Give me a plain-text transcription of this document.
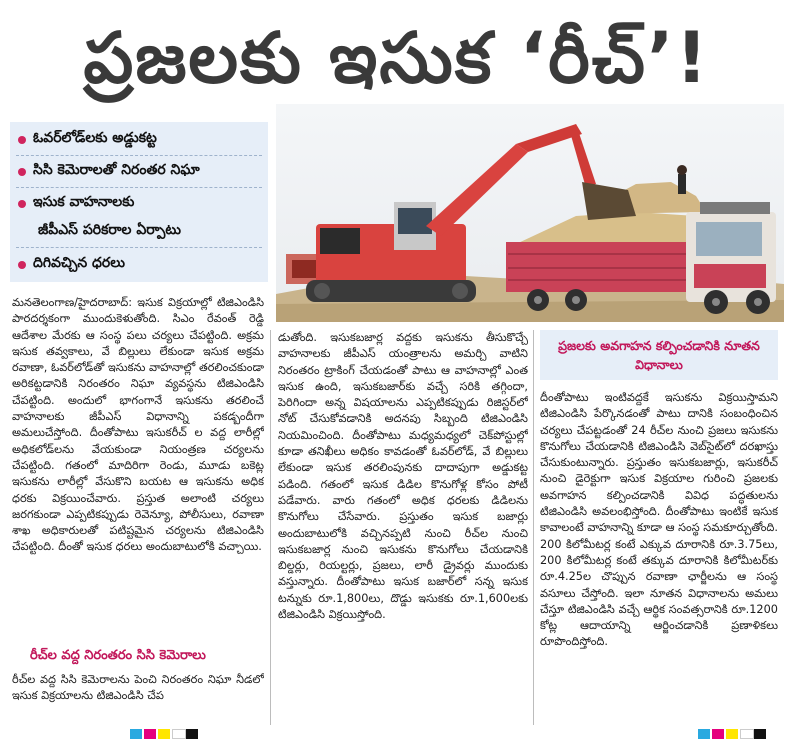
ప్రజలకు ఇసుక ‘రీచ్’!
ఓవర్‌లోడ్‌లకు అడ్డుకట్ట
సిసి కెమెరాలతో నిరంతర నిఘా
ఇసుక వాహనాలకు
జీపీఎస్ పరికరాల ఏర్పాటు
దిగివచ్చిన ధరలు
మనతెలంగాణ/హైదరాబాద్: ఇసుక విక్రయాల్లో టిజిఎండిసి పారదర్శకంగా ముందుకెళుతోంది. సిఎం రేవంత్ రెడ్డి ఆదేశాల మేరకు ఆ సంస్థ పలు చర్యలు చేపట్టింది. అక్రమ ఇసుక తవ్వకాలు, వే బిల్లులు లేకుండా ఇసుక అక్రమ రవాణా, ఓవర్‌లోడ్‌తో ఇసుకను వాహనాల్లో తరలించకుండా అరికట్టడానికి నిరంతరం నిఘా వ్యవస్థను టిజిఎండిసి చేపట్టింది. అందులో భాగంగానే ఇసుకను తరలించే వాహనాలకు జీపీఎస్ విధానాన్ని పకడ్బందీగా అమలుచేస్తోంది. దీంతోపాటు ఇసుకరీచ్ ల వద్ద లారీల్లో అధికలోడ్‌లను వేయకుండా నియంత్రణ చర్యలను చేపట్టింది. గతంలో మాదిరిగా రెండు, మూడు బకెట్ల ఇసుకను లారీల్లో వేసుకొని బయట ఆ ఇసుకను అధిక ధరకు విక్రయించేవారు. ప్రస్తుత అలాంటి చర్యలు జరగకుండా ఎప్పటికప్పుడు రెవెన్యూ, పోలీసులు, రవాణా శాఖ అధికారులతో పటిష్టమైన చర్యలను టిజిఎండిసి చేపట్టింది. దీంతో ఇసుక ధరలు అందుబాటులోకి వచ్చాయి.
రీచ్‌ల వద్ద నిరంతరం సిసి కెమెరాలు
రీచ్‌ల వద్ద సిసి కెమెరాలను పెంచి నిరంతరం నిఘా నీడలో ఇసుక విక్రయాలను టిజిఎండిసి చేప
డుతోంది. ఇసుకబజార్ల వద్దకు ఇసుకను తీసుకొచ్చే వాహనాలకు జీపీఎస్ యంత్రాలను అమర్చి వాటిని నిరంతరం ట్రాకింగ్ చేయడంతో పాటు ఆ వాహనాల్లో ఎంత ఇసుక ఉంది, ఇసుకబజార్‌కు వచ్చే సరికి తగ్గిందా, పెరిగిందా అన్న విషయాలను ఎప్పటికప్పుడు రిజిస్టర్‌లో నోట్ చేసుకోవడానికి అదనపు సిబ్బంది టిజిఎండిసి నియమించింది. దీంతోపాటు మధ్యమధ్యలో చెక్‌పోస్టుల్లో కూడా తనిఖీలు అధికం కావడంతో ఓవర్‌లోడ్, వే బిల్లులు లేకుండా ఇసుక తరలింపునకు దాదాపుగా అడ్డుకట్ట పడింది. గతంలో ఇసుక డిడిల కొనుగోళ్ల కోసం పోటీ పడేవారు. వారు గతంలో అధిక ధరలకు డిడిలను కొనుగోలు చేసేవారు. ప్రస్తుతం ఇసుక బజార్లు అందుబాటులోకి వచ్చినప్పటి నుంచి రీచ్‌ల నుంచి ఇసుకబజార్ల నుంచి ఇసుకను కొనుగోలు చేయడానికి బిల్డర్లు, రియల్టర్లు, ప్రజలు, లారీ డ్రైవర్లు ముందుకు వస్తున్నారు. దీంతోపాటు ఇసుక బజార్‌లో సన్న ఇసుక టన్నుకు రూ.1,800లు, దొడ్డు ఇసుకకు రూ.1,600లకు టిజిఎండిసి విక్రయిస్తోంది.
ప్రజలకు అవగాహన కల్పించడానికి నూతన విధానాలు
దీంతోపాటు ఇంటివద్దకే ఇసుకను విక్రయిస్తామని టిజిఎండిసి పేర్కొనడంతో పాటు దానికి సంబంధించిన చర్యలు చేపట్టడంతో 24 రీచ్‌ల నుంచి ప్రజలు ఇసుకను కొనుగోలు చేయడానికి టిజిఎండిసి వెబ్‌సైట్‌లో దరఖాస్తు చేసుకుంటున్నారు. ప్రస్తుతం ఇసుకబజార్లు, ఇసుకరీచ్ నుంచి డైరెక్టుగా ఇసుక విక్రయాల గురించి ప్రజలకు అవగాహన కల్పించడానికి వివిధ పద్ధతులను టిజిఎండిసి అవలంభిస్తోంది. దీంతోపాటు ఇంటికే ఇసుక కావాలంటే వాహనాన్ని కూడా ఆ సంస్థ సమకూర్చుతోంది. 200 కిలోమీటర్ల కంటే ఎక్కువ దూరానికి రూ.3.75లు, 200 కిలోమీటర్ల కంటే తక్కువ దూరానికి కిలోమీటర్‌కు రూ.4.25ల చొప్పున రవాణా ఛార్జీలను ఆ సంస్థ వసూలు చేస్తోంది. ఇలా నూతన విధానాలను అమలు చేస్తూ టిజిఎండిసి వచ్చే ఆర్థిక సంవత్సరానికి రూ.1200 కోట్ల ఆదాయాన్ని ఆర్జించడానికి ప్రణాళికలు రూపొందిస్తోంది.
